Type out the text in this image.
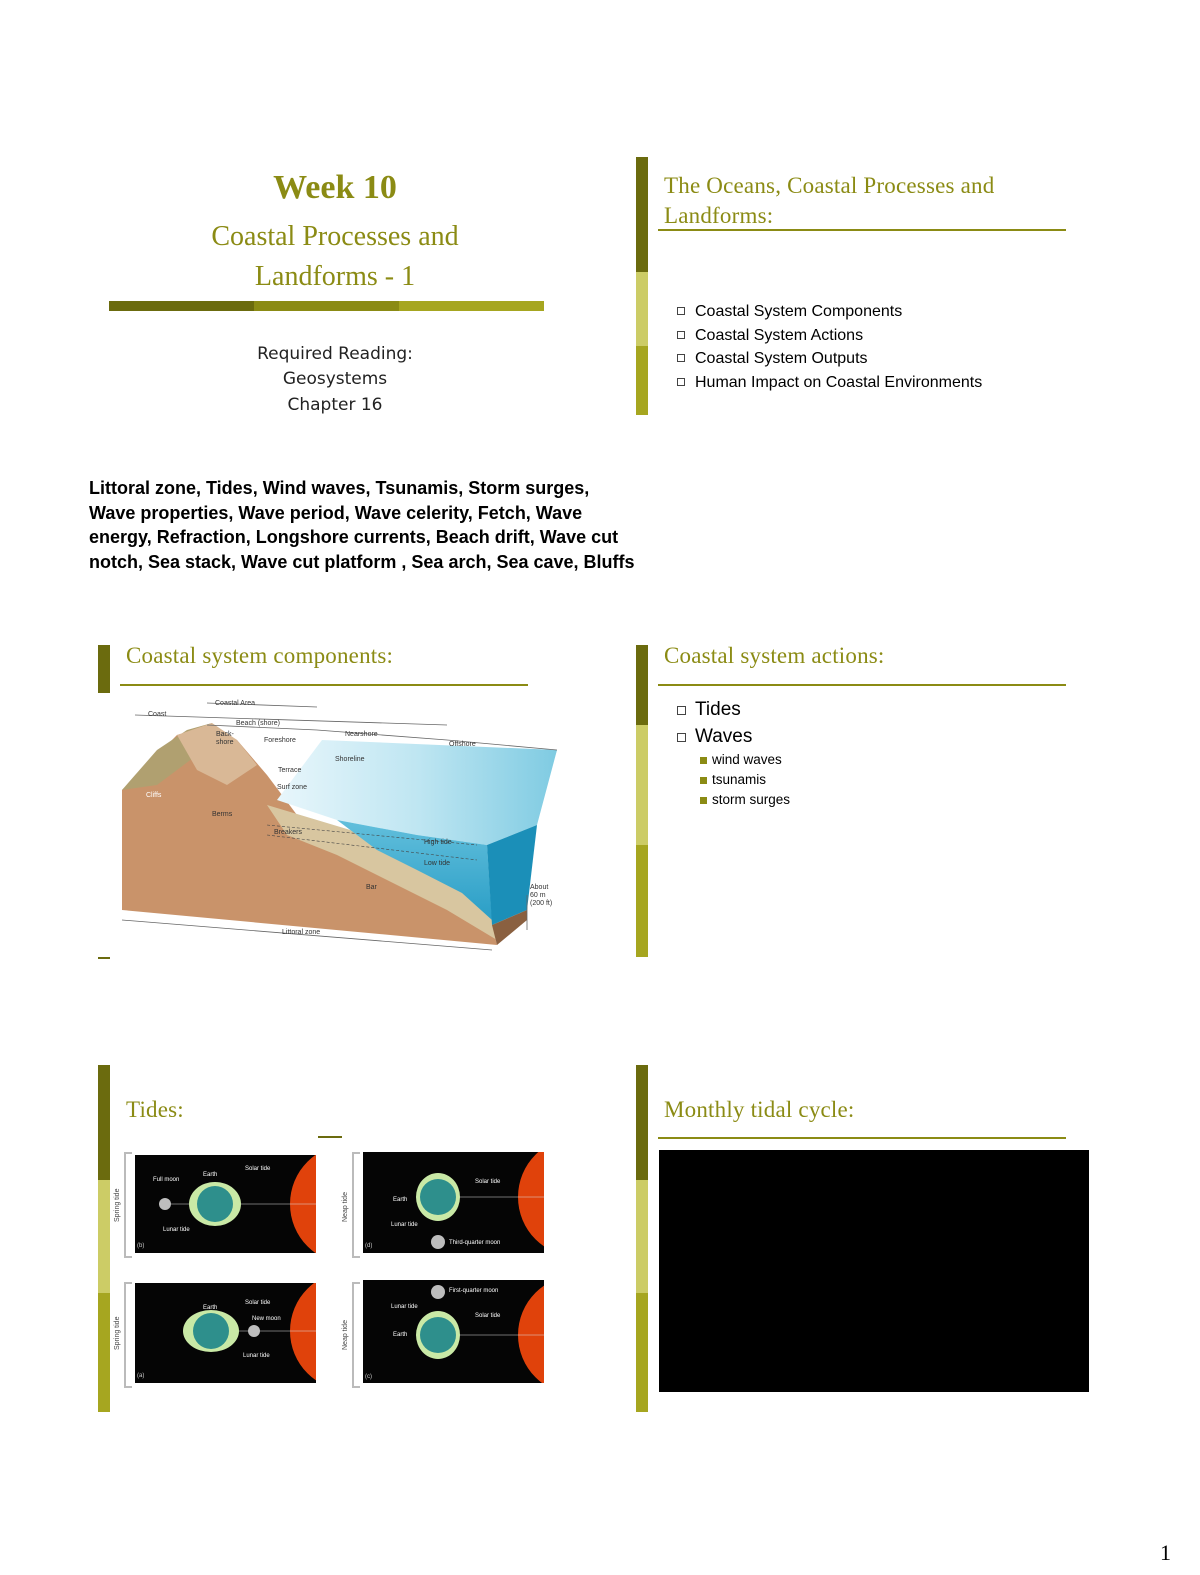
Week 10
Coastal Processes and
Landforms - 1
Required Reading:
Geosystems
Chapter 16
Littoral zone, Tides, Wind waves, Tsunamis, Storm surges,
Wave properties, Wave period, Wave celerity, Fetch, Wave
energy, Refraction, Longshore currents, Beach drift, Wave cut
notch, Sea stack, Wave cut platform , Sea arch, Sea cave, Bluffs
The Oceans, Coastal Processes and
Landforms:
Coastal System Components
Coastal System Actions
Coastal System Outputs
Human Impact on Coastal Environments
Coastal system components:
Coastal Area
Coast
Beach (shore)
Nearshore
Back-shore	Foreshore
Offshore
Shoreline
Terrace
Surf zone
Cliffs
Berms
Breakers
High tide
Low tide
Bar	About 60 m (200 ft)
Littoral zone
Coastal system actions:
Tides
Waves
wind waves
tsunamis
storm surges
Tides:
Spring tide
Full moon
Earth
Solar tide
Lunar tide
(b)
Neap tide	Earth
Solar tide
Lunar tide
Third-quarter moon
(d)
Spring tide
Earth
Solar tide
New moon
Lunar tide
(a)
Neap tide
First-quarter moon
Lunar tide
Solar tide
Earth
(c)
Monthly tidal cycle:
1
